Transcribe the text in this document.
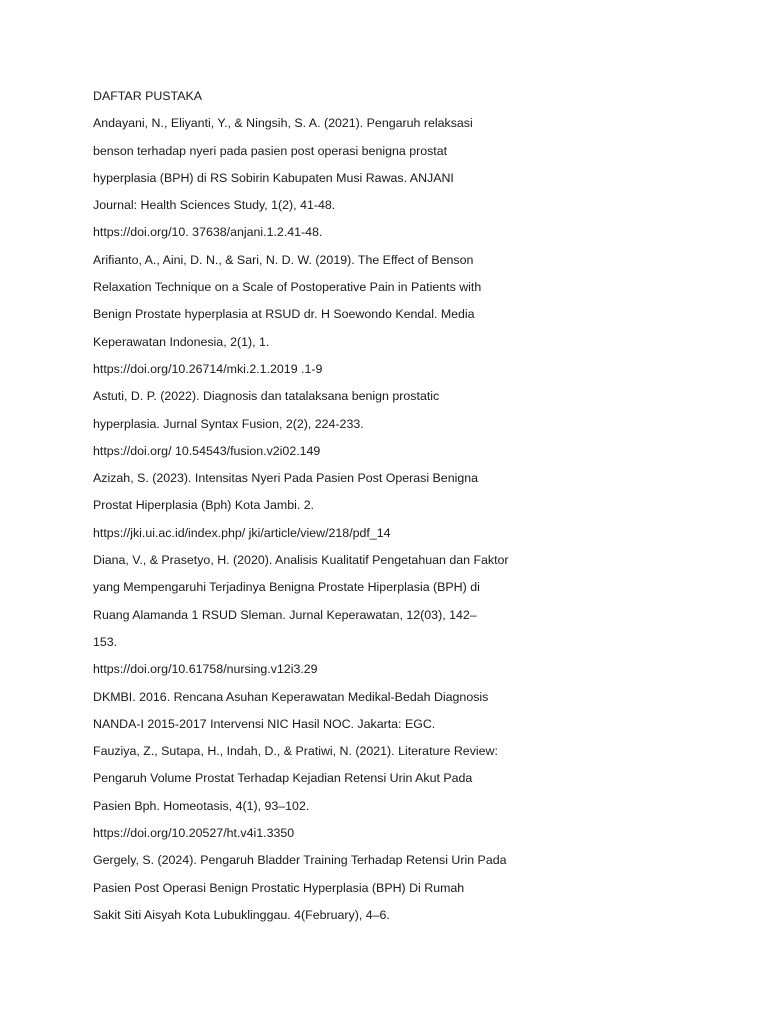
DAFTAR PUSTAKA
Andayani, N., Eliyanti, Y., & Ningsih, S. A. (2021). Pengaruh relaksasi
benson terhadap nyeri pada pasien post operasi benigna prostat
hyperplasia (BPH) di RS Sobirin Kabupaten Musi Rawas. ANJANI
Journal: Health Sciences Study, 1(2), 41-48.
https://doi.org/10. 37638/anjani.1.2.41-48.
Arifianto, A., Aini, D. N., & Sari, N. D. W. (2019). The Effect of Benson
Relaxation Technique on a Scale of Postoperative Pain in Patients with
Benign Prostate hyperplasia at RSUD dr. H Soewondo Kendal. Media
Keperawatan Indonesia, 2(1), 1.
https://doi.org/10.26714/mki.2.1.2019 .1-9
Astuti, D. P. (2022). Diagnosis dan tatalaksana benign prostatic
hyperplasia. Jurnal Syntax Fusion, 2(2), 224-233.
https://doi.org/ 10.54543/fusion.v2i02.149
Azizah, S. (2023). Intensitas Nyeri Pada Pasien Post Operasi Benigna
Prostat Hiperplasia (Bph) Kota Jambi. 2.
https://jki.ui.ac.id/index.php/ jki/article/view/218/pdf_14
Diana, V., & Prasetyo, H. (2020). Analisis Kualitatif Pengetahuan dan Faktor
yang Mempengaruhi Terjadinya Benigna Prostate Hiperplasia (BPH) di
Ruang Alamanda 1 RSUD Sleman. Jurnal Keperawatan, 12(03), 142–
153.
https://doi.org/10.61758/nursing.v12i3.29
DKMBI. 2016. Rencana Asuhan Keperawatan Medikal-Bedah Diagnosis
NANDA-I 2015-2017 Intervensi NIC Hasil NOC. Jakarta: EGC.
Fauziya, Z., Sutapa, H., Indah, D., & Pratiwi, N. (2021). Literature Review:
Pengaruh Volume Prostat Terhadap Kejadian Retensi Urin Akut Pada
Pasien Bph. Homeotasis, 4(1), 93–102.
https://doi.org/10.20527/ht.v4i1.3350
Gergely, S. (2024). Pengaruh Bladder Training Terhadap Retensi Urin Pada
Pasien Post Operasi Benign Prostatic Hyperplasia (BPH) Di Rumah
Sakit Siti Aisyah Kota Lubuklinggau. 4(February), 4–6.
